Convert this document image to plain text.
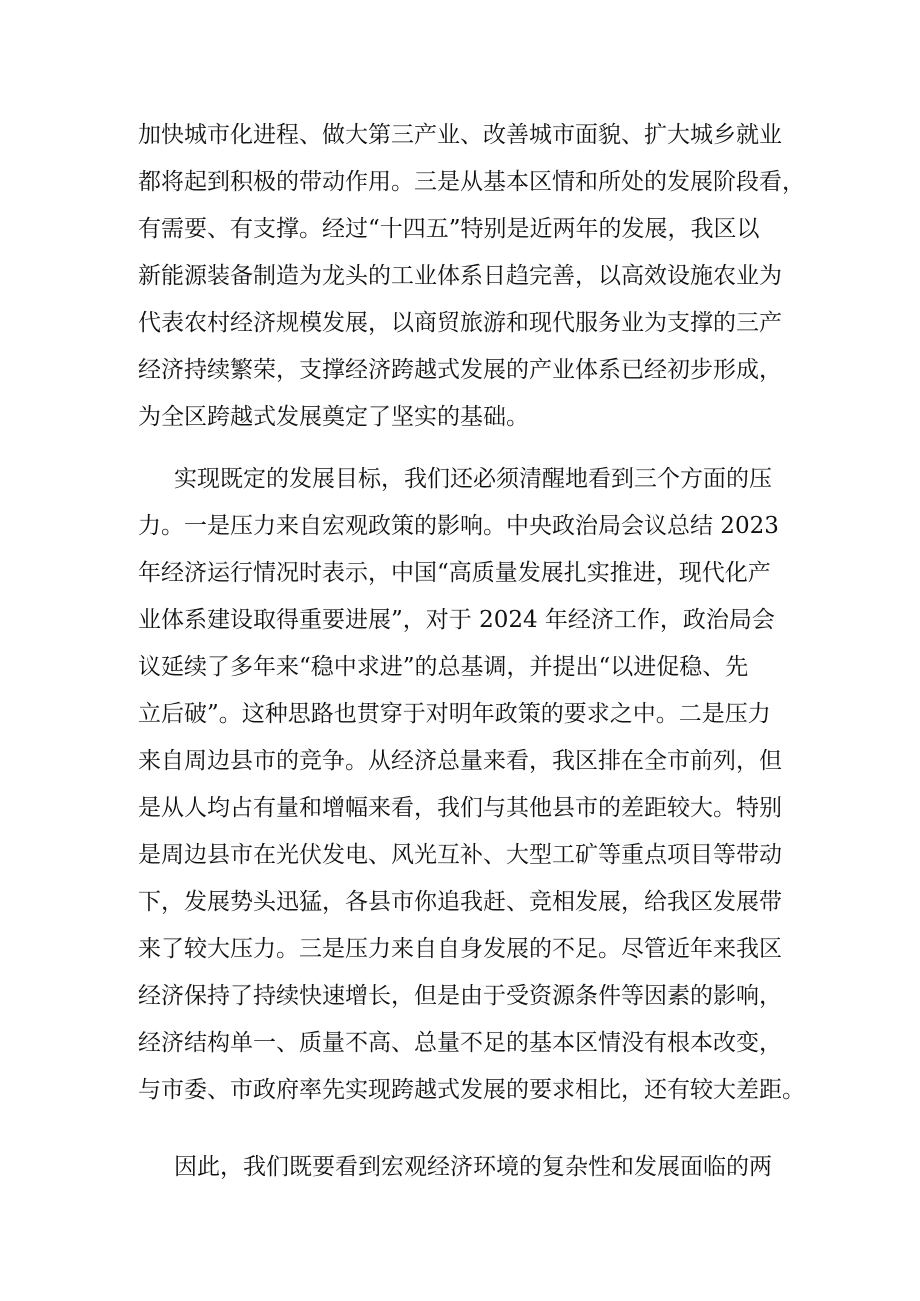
加快城市化进程、做大第三产业、改善城市面貌、扩大城乡就业
都将起到积极的带动作用。三是从基本区情和所处的发展阶段看，
有需要、有支撑。经过“十四五”特别是近两年的发展，我区以
新能源装备制造为龙头的工业体系日趋完善，以高效设施农业为
代表农村经济规模发展，以商贸旅游和现代服务业为支撑的三产
经济持续繁荣，支撑经济跨越式发展的产业体系已经初步形成，
为全区跨越式发展奠定了坚实的基础。
实现既定的发展目标，我们还必须清醒地看到三个方面的压
力。一是压力来自宏观政策的影响。中央政治局会议总结 2023
年经济运行情况时表示，中国“高质量发展扎实推进，现代化产
业体系建设取得重要进展”，对于 2024 年经济工作，政治局会
议延续了多年来“稳中求进”的总基调，并提出“以进促稳、先
立后破”。这种思路也贯穿于对明年政策的要求之中。二是压力
来自周边县市的竞争。从经济总量来看，我区排在全市前列，但
是从人均占有量和增幅来看，我们与其他县市的差距较大。特别
是周边县市在光伏发电、风光互补、大型工矿等重点项目等带动
下，发展势头迅猛，各县市你追我赶、竞相发展，给我区发展带
来了较大压力。三是压力来自自身发展的不足。尽管近年来我区
经济保持了持续快速增长，但是由于受资源条件等因素的影响，
经济结构单一、质量不高、总量不足的基本区情没有根本改变，
与市委、市政府率先实现跨越式发展的要求相比，还有较大差距。
因此，我们既要看到宏观经济环境的复杂性和发展面临的两
